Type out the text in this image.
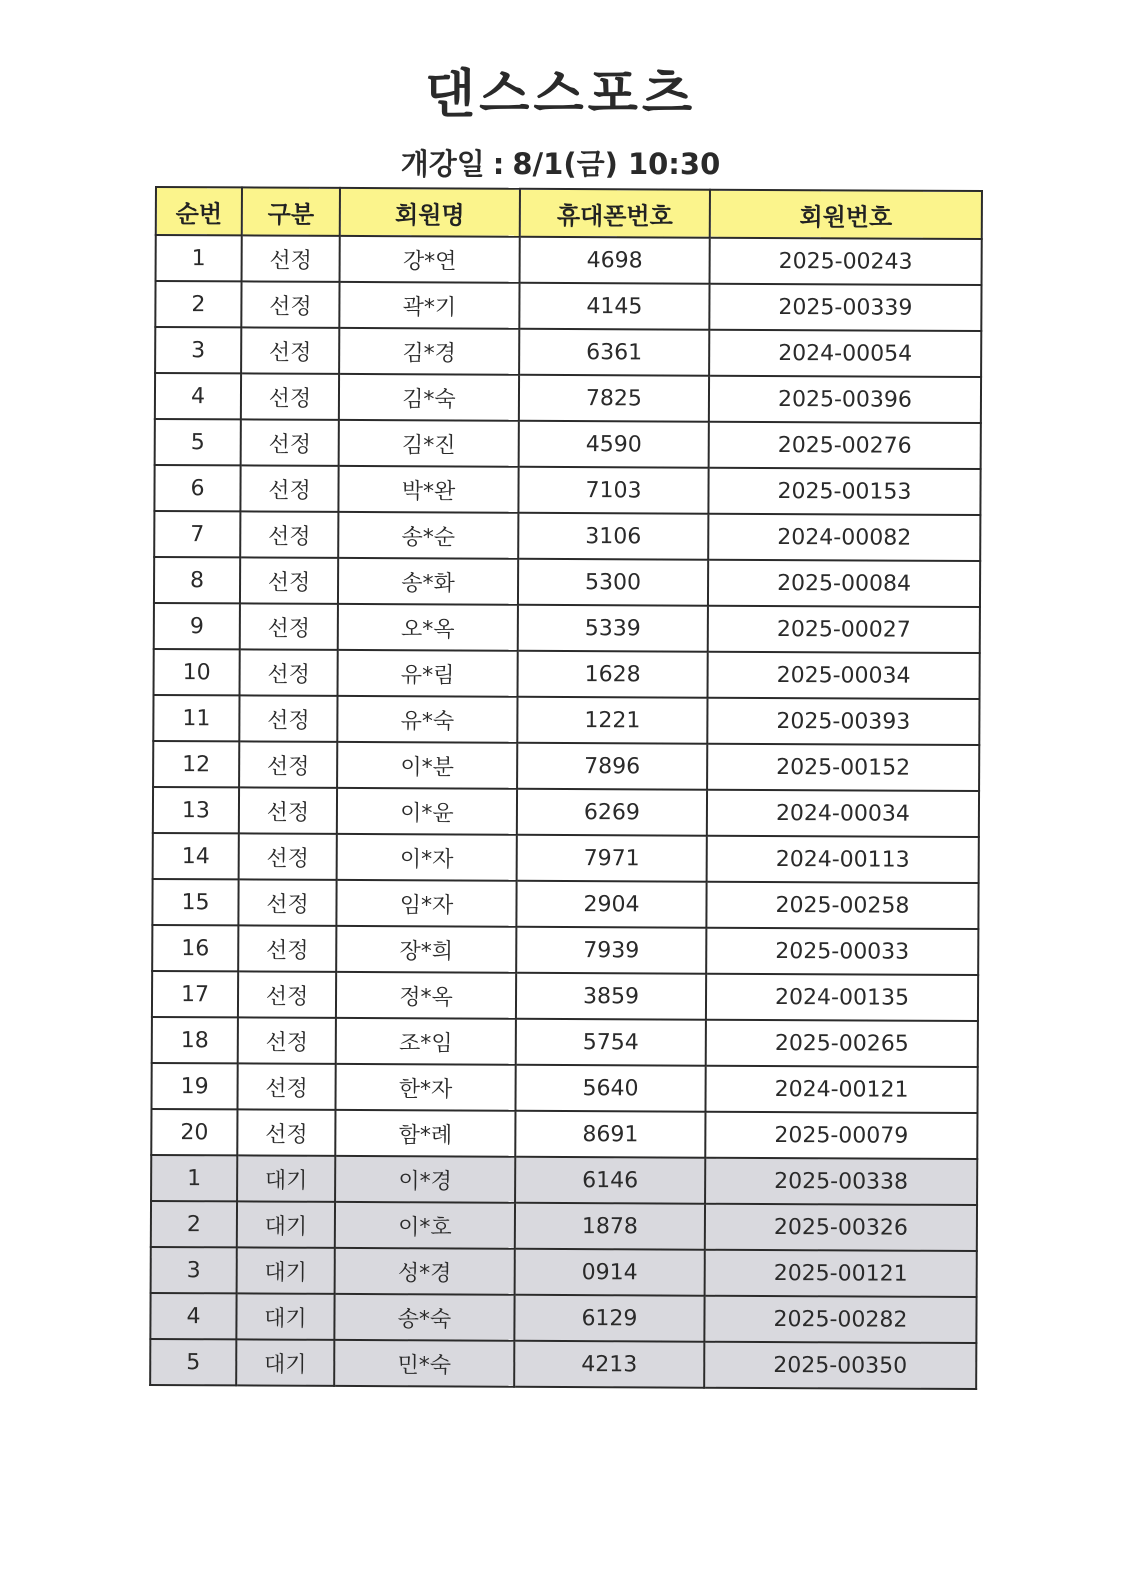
댄스스포츠
개강일 : 8/1(금) 10:30
순번	구분	회원명	휴대폰번호	회원번호
1	선정	강*연	4698	2025-00243
2	선정	곽*기	4145	2025-00339
3	선정	김*경	6361	2024-00054
4	선정	김*숙	7825	2025-00396
5	선정	김*진	4590	2025-00276
6	선정	박*완	7103	2025-00153
7	선정	송*순	3106	2024-00082
8	선정	송*화	5300	2025-00084
9	선정	오*옥	5339	2025-00027
10	선정	유*림	1628	2025-00034
11	선정	유*숙	1221	2025-00393
12	선정	이*분	7896	2025-00152
13	선정	이*윤	6269	2024-00034
14	선정	이*자	7971	2024-00113
15	선정	임*자	2904	2025-00258
16	선정	장*희	7939	2025-00033
17	선정	정*옥	3859	2024-00135
18	선정	조*임	5754	2025-00265
19	선정	한*자	5640	2024-00121
20	선정	함*례	8691	2025-00079
1	대기	이*경	6146	2025-00338
2	대기	이*호	1878	2025-00326
3	대기	성*경	0914	2025-00121
4	대기	송*숙	6129	2025-00282
5	대기	민*숙	4213	2025-00350
